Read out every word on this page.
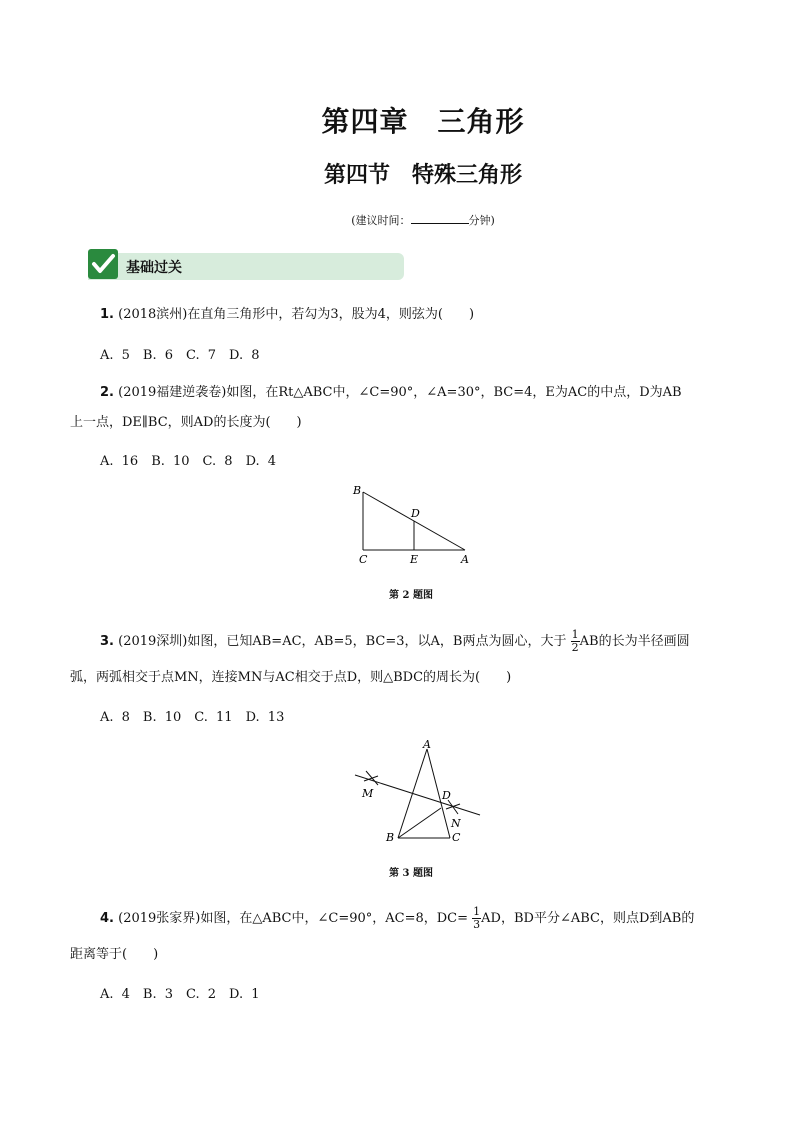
第四章　三角形
第四节　特殊三角形
(建议时间：	分钟)
基础过关
1. (2018滨州)在直角三角形中，若勾为3，股为4，则弦为(　　)
A. 5　B. 6　C. 7　D. 8
2. (2019福建逆袭卷)如图，在Rt△ABC中，∠C=90°，∠A=30°，BC=4，E为AC的中点，D为AB
上一点，DE∥BC，则AD的长度为(　　)
A. 16　B. 10　C. 8　D. 4
B
D
C	E	A
第 2 题图
3. (2019深圳)如图，已知AB=AC，AB=5，BC=3，以A，B两点为圆心，大于 $\frac{1}{2}$ AB的长为半径画圆
弧，两弧相交于点MN，连接MN与AC相交于点D，则△BDC的周长为(　　)
A. 8　B. 10　C. 11　D. 13
A
M	D
N
B	C
第 3 题图
4. (2019张家界)如图，在△ABC中，∠C=90°，AC=8，$DC= \frac{1}{3}$ AD，BD平分∠ABC，则点D到AB的
距离等于(　　)
A. 4　B. 3　C. 2　D. 1
